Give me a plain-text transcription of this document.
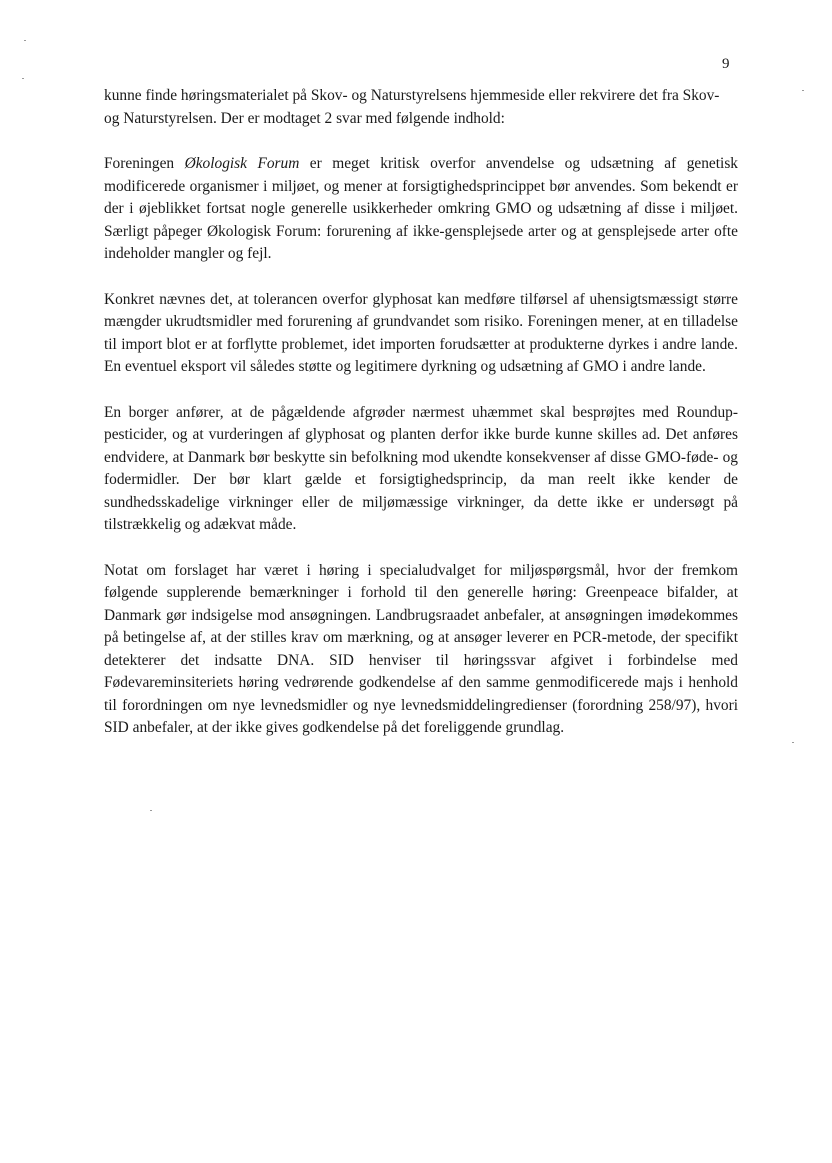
9

kunne finde høringsmaterialet på Skov- og Naturstyrelsens hjemmeside eller rekvirere det fra Skov- og Naturstyrelsen. Der er modtaget 2 svar med følgende indhold:

Foreningen Økologisk Forum er meget kritisk overfor anvendelse og udsætning af genetisk modificerede organismer i miljøet, og mener at forsigtighedsprincippet bør anvendes. Som bekendt er der i øjeblikket fortsat nogle generelle usikkerheder omkring GMO og udsætning af disse i miljøet. Særligt påpeger Økologisk Forum: forurening af ikke-gensplejsede arter og at gensplejsede arter ofte indeholder mangler og fejl.

Konkret nævnes det, at tolerancen overfor glyphosat kan medføre tilførsel af uhensigtsmæssigt større mængder ukrudtsmidler med forurening af grundvandet som risiko. Foreningen mener, at en tilladelse til import blot er at forflytte problemet, idet importen forudsætter at produkterne dyrkes i andre lande. En eventuel eksport vil således støtte og legitimere dyrkning og udsætning af GMO i andre lande.

En borger anfører, at de pågældende afgrøder nærmest uhæmmet skal besprøjtes med Roundup-pesticider, og at vurderingen af glyphosat og planten derfor ikke burde kunne skilles ad. Det anføres endvidere, at Danmark bør beskytte sin befolkning mod ukendte konsekvenser af disse GMO-føde- og fodermidler. Der bør klart gælde et forsigtighedsprincip, da man reelt ikke kender de sundhedsskadelige virkninger eller de miljømæssige virkninger, da dette ikke er undersøgt på tilstrækkelig og adækvat måde.

Notat om forslaget har været i høring i specialudvalget for miljøspørgsmål, hvor der fremkom følgende supplerende bemærkninger i forhold til den generelle høring: Greenpeace bifalder, at Danmark gør indsigelse mod ansøgningen. Landbrugsraadet anbefaler, at ansøgningen imødekommes på betingelse af, at der stilles krav om mærkning, og at ansøger leverer en PCR-metode, der specifikt detekterer det indsatte DNA. SID henviser til høringssvar afgivet i forbindelse med Fødevareminsiteriets høring vedrørende godkendelse af den samme genmodificerede majs i henhold til forordningen om nye levnedsmidler og nye levnedsmiddelingredienser (forordning 258/97), hvori SID anbefaler, at der ikke gives godkendelse på det foreliggende grundlag.
